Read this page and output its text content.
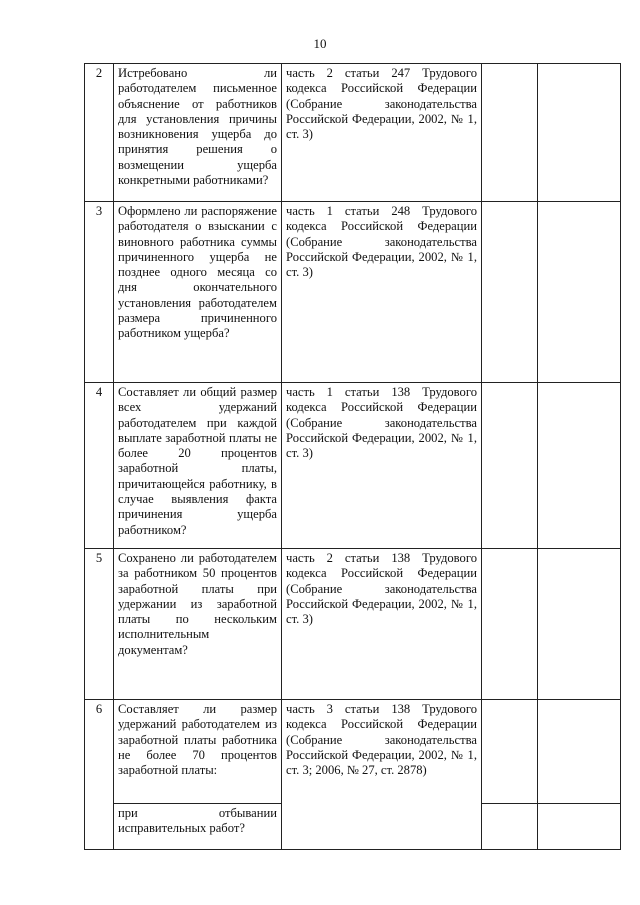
10
2	Истребовано ли работодателем письменное объяснение от работников для установления причины возникновения ущерба до принятия решения о возмещении ущерба конкретными работниками?	часть 2 статьи 247 Трудового кодекса Российской Федерации (Собрание законодательства Российской Федерации, 2002, № 1, ст. 3)		
3	Оформлено ли распоряжение работодателя о взыскании с виновного работника суммы причиненного ущерба не позднее одного месяца со дня окончательного установления работодателем размера причиненного работником ущерба?	часть 1 статьи 248 Трудового кодекса Российской Федерации (Собрание законодательства Российской Федерации, 2002, № 1, ст. 3)		
4	Составляет ли общий размер всех удержаний работодателем при каждой выплате заработной платы не более 20 процентов заработной платы, причитающейся работнику, в случае выявления факта причинения ущерба работником?	часть 1 статьи 138 Трудового кодекса Российской Федерации (Собрание законодательства Российской Федерации, 2002, № 1, ст. 3)		
5	Сохранено ли работодателем за работником 50 процентов заработной платы при удержании из заработной платы по нескольким исполнительным документам?	часть 2 статьи 138 Трудового кодекса Российской Федерации (Собрание законодательства Российской Федерации, 2002, № 1, ст. 3)		
6	Составляет ли размер удержаний работодателем из заработной платы работника не более 70 процентов заработной платы:	часть 3 статьи 138 Трудового кодекса Российской Федерации (Собрание законодательства Российской Федерации, 2002, № 1, ст. 3; 2006, № 27, ст. 2878)		
	при отбывании исправительных работ?			
